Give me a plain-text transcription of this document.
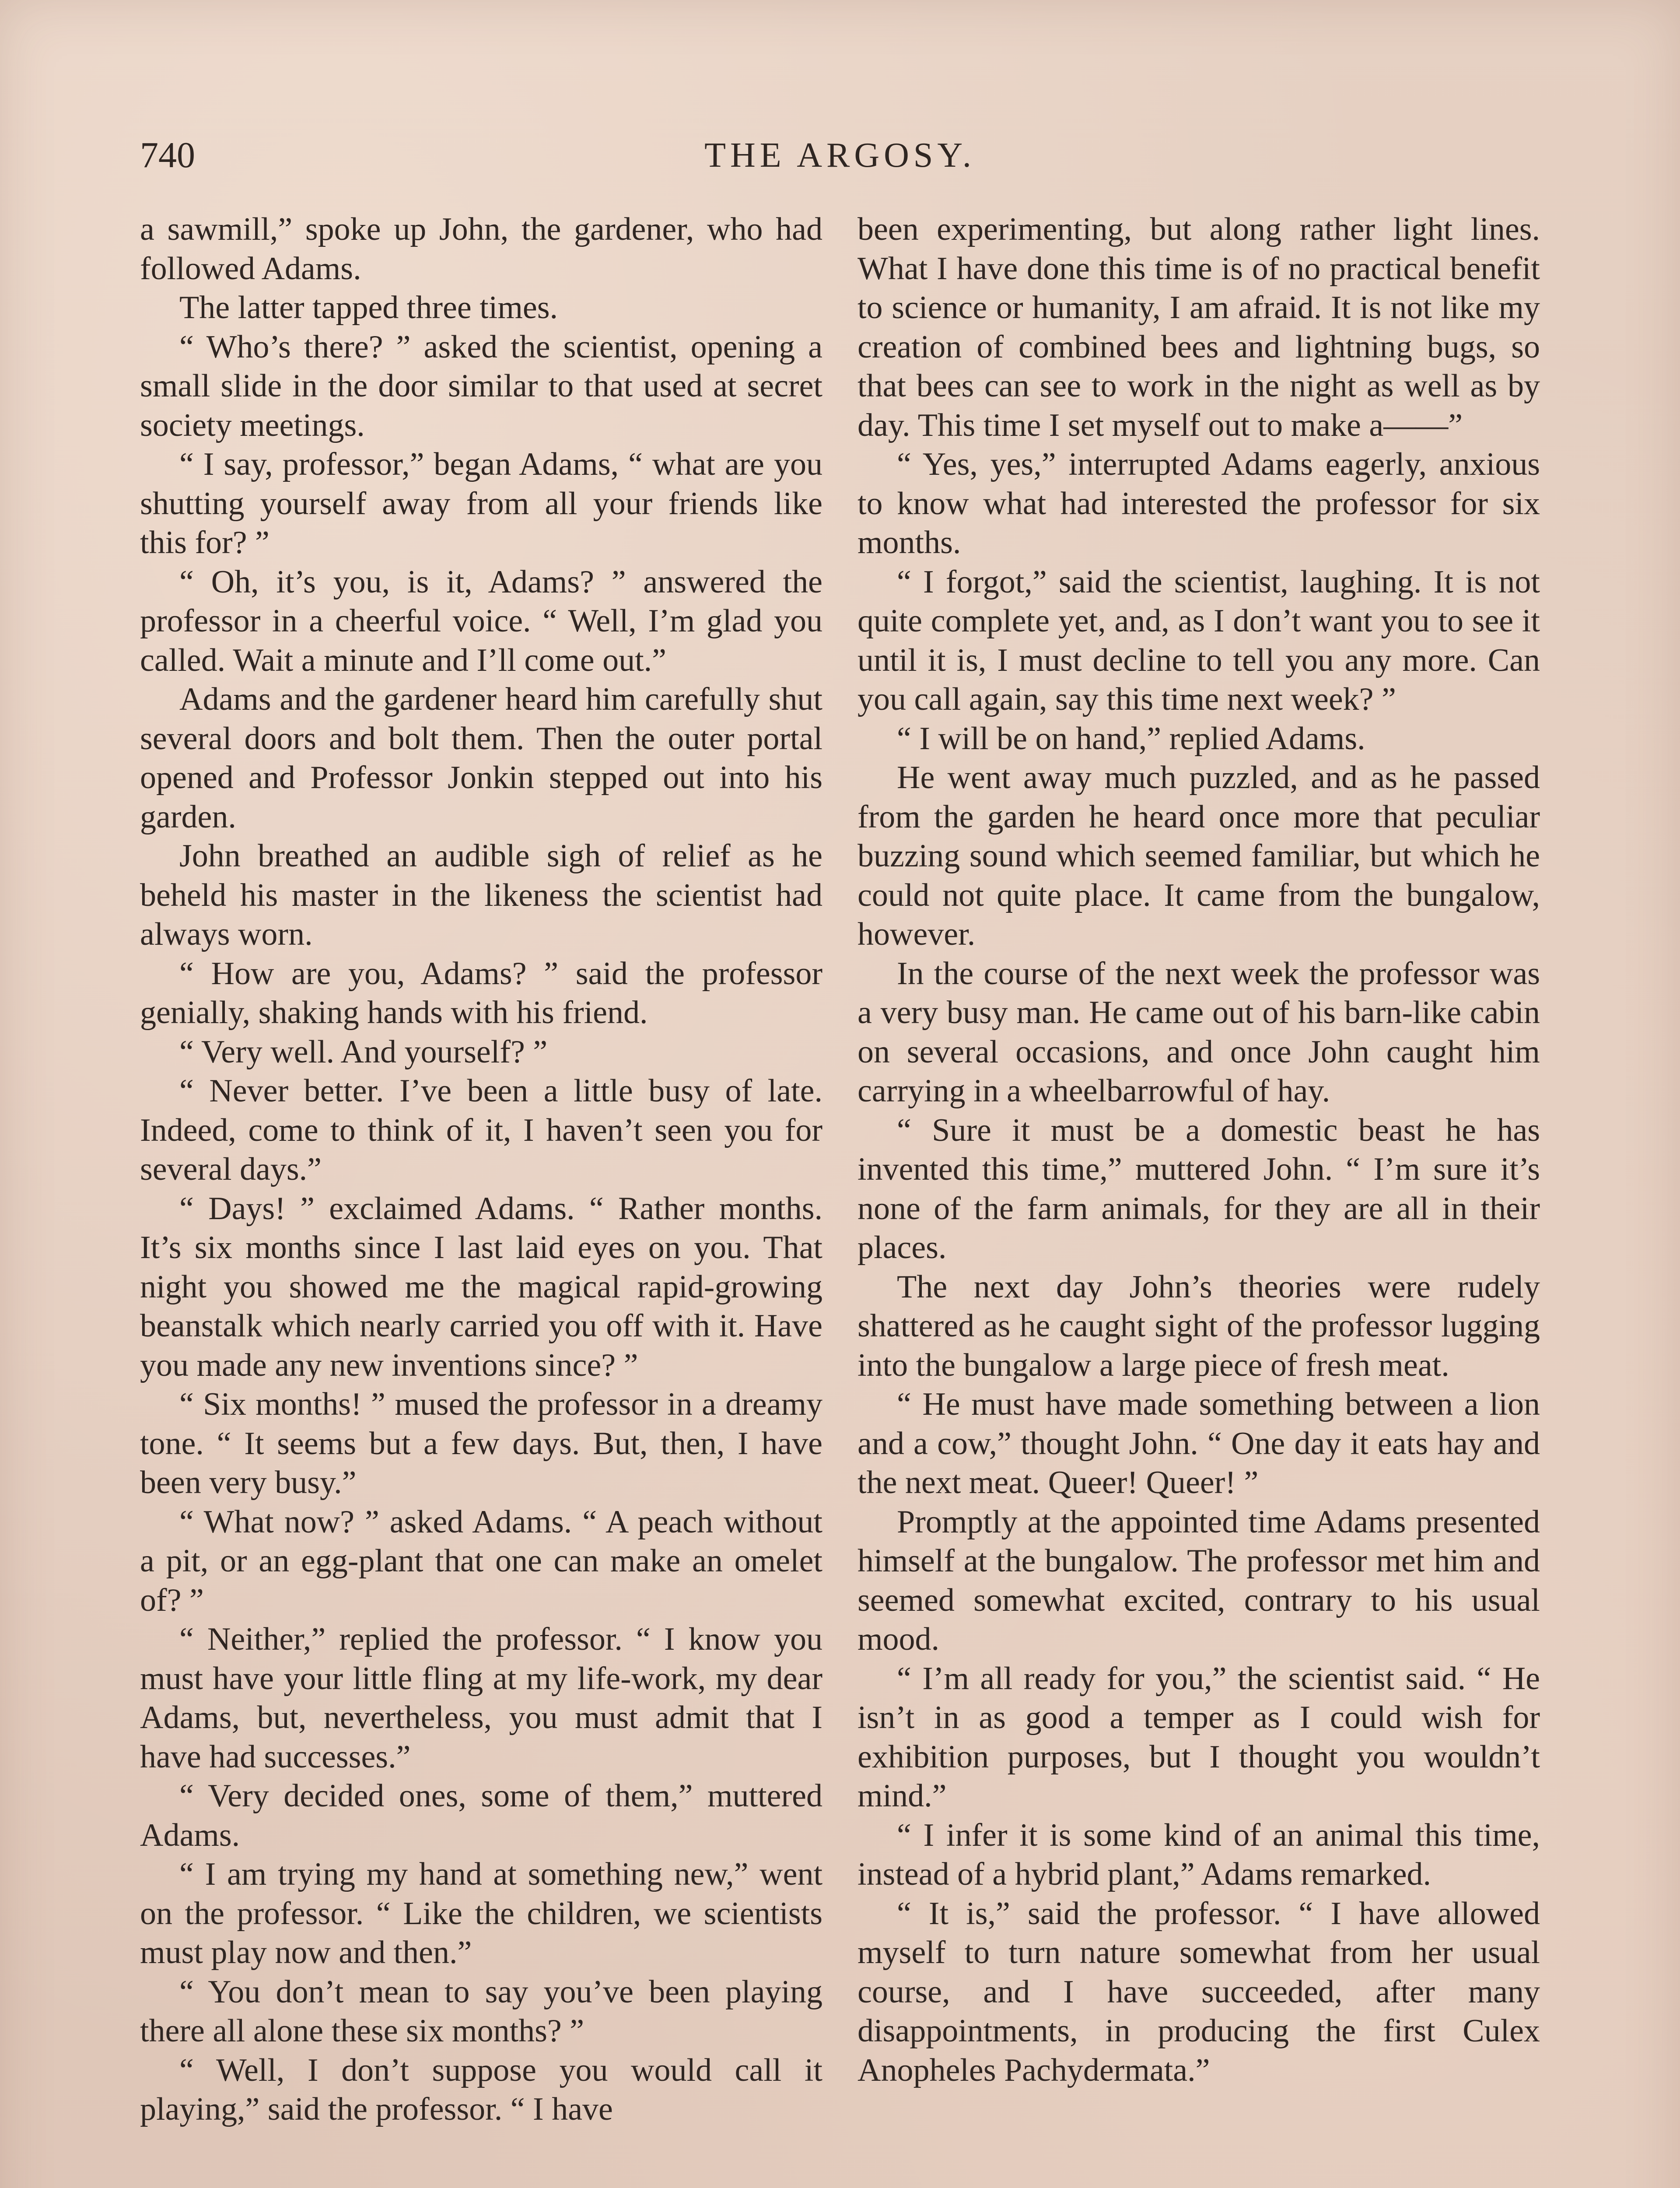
740	THE ARGOSY.

a sawmill,” spoke up John, the gardener, who had followed Adams.

The latter tapped three times.

“ Who’s there? ” asked the scientist, opening a small slide in the door similar to that used at secret society meetings.

“ I say, professor,” began Adams, “ what are you shutting yourself away from all your friends like this for? ”

“ Oh, it’s you, is it, Adams? ” answered the professor in a cheerful voice. “ Well, I’m glad you called. Wait a minute and I’ll come out.”

Adams and the gardener heard him carefully shut several doors and bolt them. Then the outer portal opened and Professor Jonkin stepped out into his garden.

John breathed an audible sigh of relief as he beheld his master in the likeness the scientist had always worn.

“ How are you, Adams? ” said the professor genially, shaking hands with his friend.

“ Very well. And yourself? ”

“ Never better. I’ve been a little busy of late. Indeed, come to think of it, I haven’t seen you for several days.”

“ Days! ” exclaimed Adams. “ Rather months. It’s six months since I last laid eyes on you. That night you showed me the magical rapid-growing beanstalk which nearly carried you off with it. Have you made any new inventions since? ”

“ Six months! ” mused the professor in a dreamy tone. “ It seems but a few days. But, then, I have been very busy.”

“ What now? ” asked Adams. “ A peach without a pit, or an egg-plant that one can make an omelet of? ”

“ Neither,” replied the professor. “ I know you must have your little fling at my life-work, my dear Adams, but, nevertheless, you must admit that I have had successes.”

“ Very decided ones, some of them,” muttered Adams.

“ I am trying my hand at something new,” went on the professor. “ Like the children, we scientists must play now and then.”

“ You don’t mean to say you’ve been playing there all alone these six months? ”

“ Well, I don’t suppose you would call it playing,” said the professor. “ I have

been experimenting, but along rather light lines. What I have done this time is of no practical benefit to science or humanity, I am afraid. It is not like my creation of combined bees and lightning bugs, so that bees can see to work in the night as well as by day. This time I set myself out to make a——”

“ Yes, yes,” interrupted Adams eagerly, anxious to know what had interested the professor for six months.

“ I forgot,” said the scientist, laughing. It is not quite complete yet, and, as I don’t want you to see it until it is, I must decline to tell you any more. Can you call again, say this time next week? ”

“ I will be on hand,” replied Adams.

He went away much puzzled, and as he passed from the garden he heard once more that peculiar buzzing sound which seemed familiar, but which he could not quite place. It came from the bungalow, however.

In the course of the next week the professor was a very busy man. He came out of his barn-like cabin on several occasions, and once John caught him carrying in a wheelbarrowful of hay.

“ Sure it must be a domestic beast he has invented this time,” muttered John. “ I’m sure it’s none of the farm animals, for they are all in their places.

The next day John’s theories were rudely shattered as he caught sight of the professor lugging into the bungalow a large piece of fresh meat.

“ He must have made something between a lion and a cow,” thought John. “ One day it eats hay and the next meat. Queer! Queer! ”

Promptly at the appointed time Adams presented himself at the bungalow. The professor met him and seemed somewhat excited, contrary to his usual mood.

“ I’m all ready for you,” the scientist said. “ He isn’t in as good a temper as I could wish for exhibition purposes, but I thought you wouldn’t mind.”

“ I infer it is some kind of an animal this time, instead of a hybrid plant,” Adams remarked.

“ It is,” said the professor. “ I have allowed myself to turn nature somewhat from her usual course, and I have succeeded, after many disappointments, in producing the first Culex Anopheles Pachydermata.”
